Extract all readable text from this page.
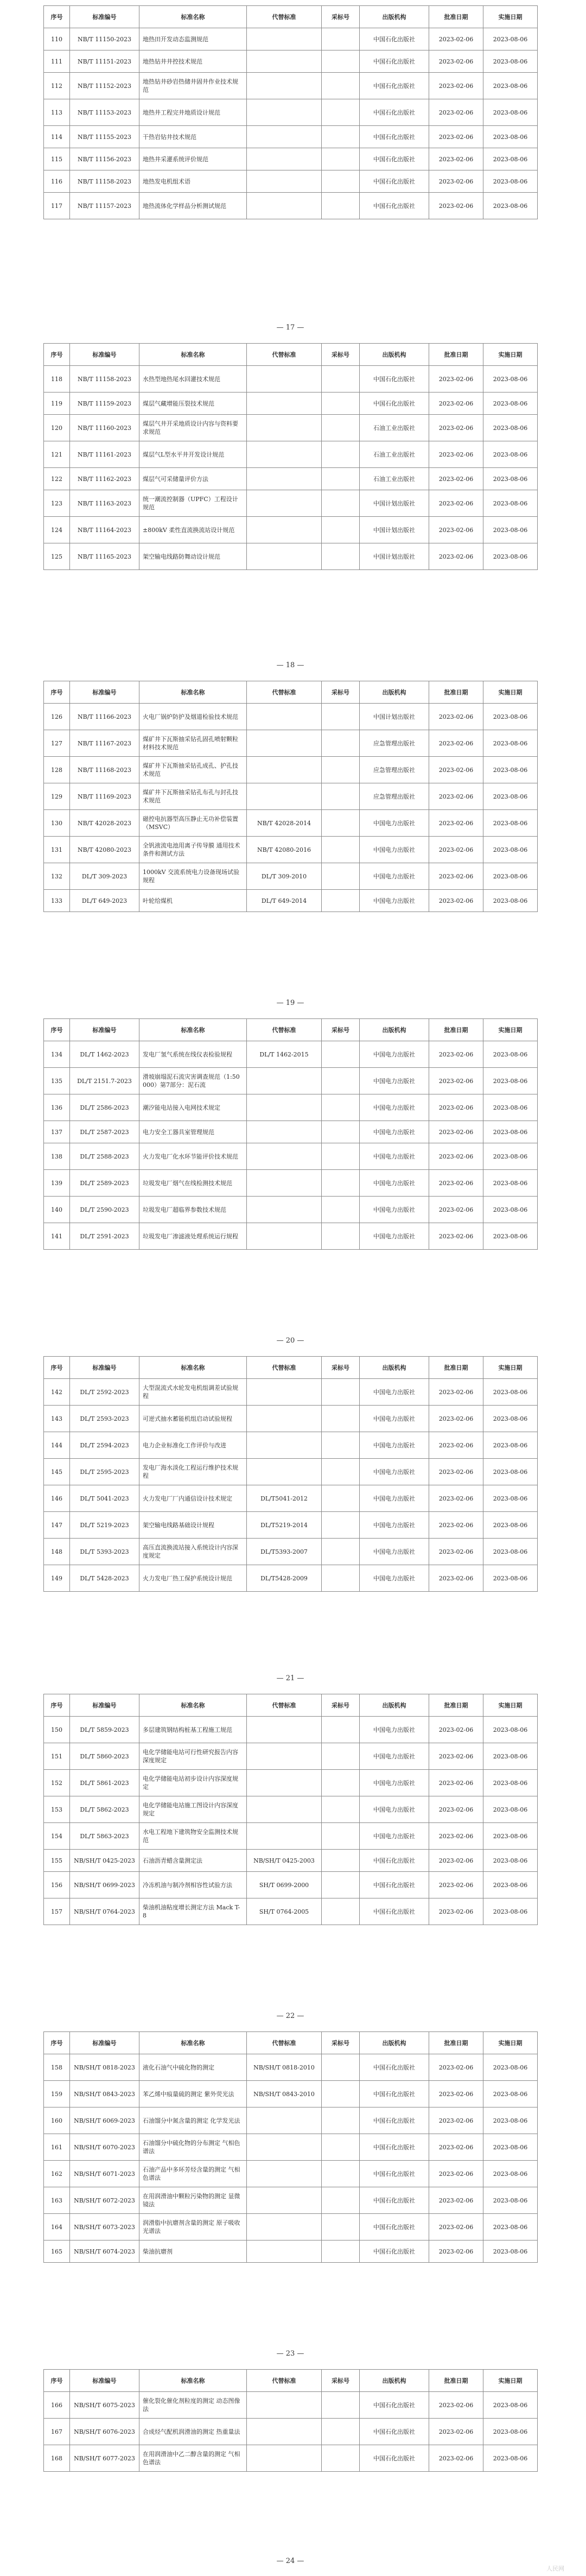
序号	标准编号	标准名称	代替标准	采标号	出版机构	批准日期	实施日期
110	NB/T 11150-2023	地热田开发动态监测规范			中国石化出版社	2023-02-06	2023-08-06
111	NB/T 11151-2023	地热钻井井控技术规范			中国石化出版社	2023-02-06	2023-08-06
112	NB/T 11152-2023	地热钻井砂岩热储井固井作业技术规范			中国石化出版社	2023-02-06	2023-08-06
113	NB/T 11153-2023	地热井工程完井地质设计规范			中国石化出版社	2023-02-06	2023-08-06
114	NB/T 11155-2023	干热岩钻井技术规范			中国石化出版社	2023-02-06	2023-08-06
115	NB/T 11156-2023	地热井采灌系统评价规范			中国石化出版社	2023-02-06	2023-08-06
116	NB/T 11158-2023	地热发电机组术语			中国石化出版社	2023-02-06	2023-08-06
117	NB/T 11157-2023	地热流体化学样品分析测试规范			中国石化出版社	2023-02-06	2023-08-06
— 17 —
序号	标准编号	标准名称	代替标准	采标号	出版机构	批准日期	实施日期
118	NB/T 11158-2023	水热型地热尾水回灌技术规范			中国石化出版社	2023-02-06	2023-08-06
119	NB/T 11159-2023	煤层气藏增能压裂技术规范			中国石化出版社	2023-02-06	2023-08-06
120	NB/T 11160-2023	煤层气井开采地质设计内容与资料要求规范			石油工业出版社	2023-02-06	2023-08-06
121	NB/T 11161-2023	煤层气L型水平井开发设计规范			石油工业出版社	2023-02-06	2023-08-06
122	NB/T 11162-2023	煤层气可采储量评价方法			石油工业出版社	2023-02-06	2023-08-06
123	NB/T 11163-2023	统一潮流控制器（UPFC）工程设计规范			中国计划出版社	2023-02-06	2023-08-06
124	NB/T 11164-2023	±800kV 柔性直流换流站设计规范			中国计划出版社	2023-02-06	2023-08-06
125	NB/T 11165-2023	架空输电线路防舞动设计规范			中国计划出版社	2023-02-06	2023-08-06
— 18 —
序号	标准编号	标准名称	代替标准	采标号	出版机构	批准日期	实施日期
126	NB/T 11166-2023	火电厂锅炉防护及烟道检验技术规范			中国计划出版社	2023-02-06	2023-08-06
127	NB/T 11167-2023	煤矿井下瓦斯抽采钻孔固孔喷射颗粒材料技术规范			应急管理出版社	2023-02-06	2023-08-06
128	NB/T 11168-2023	煤矿井下瓦斯抽采钻孔成孔、护孔技术规范			应急管理出版社	2023-02-06	2023-08-06
129	NB/T 11169-2023	煤矿井下瓦斯抽采钻孔布孔与封孔技术规范			应急管理出版社	2023-02-06	2023-08-06
130	NB/T 42028-2023	磁控电抗器型高压静止无功补偿装置（MSVC）	NB/T 42028-2014		中国电力出版社	2023-02-06	2023-08-06
131	NB/T 42080-2023	全钒液流电池用离子传导膜 通用技术条件和测试方法	NB/T 42080-2016		中国电力出版社	2023-02-06	2023-08-06
132	DL/T 309-2023	1000kV 交流系统电力设备现场试验规程	DL/T 309-2010		中国电力出版社	2023-02-06	2023-08-06
133	DL/T 649-2023	叶轮给煤机	DL/T 649-2014		中国电力出版社	2023-02-06	2023-08-06
— 19 —
序号	标准编号	标准名称	代替标准	采标号	出版机构	批准日期	实施日期
134	DL/T 1462-2023	发电厂氢气系统在线仪表检验规程	DL/T 1462-2015		中国电力出版社	2023-02-06	2023-08-06
135	DL/T 2151.7-2023	滑坡崩塌泥石流灾害调查规范（1:50 000）第7部分：泥石流			中国电力出版社	2023-02-06	2023-08-06
136	DL/T 2586-2023	潮汐能电站接入电网技术规定			中国电力出版社	2023-02-06	2023-08-06
137	DL/T 2587-2023	电力安全工器具室管理规范			中国电力出版社	2023-02-06	2023-08-06
138	DL/T 2588-2023	火力发电厂化水环节能评价技术规范			中国电力出版社	2023-02-06	2023-08-06
139	DL/T 2589-2023	垃圾发电厂烟气在线检测技术规范			中国电力出版社	2023-02-06	2023-08-06
140	DL/T 2590-2023	垃圾发电厂超临界参数技术规范			中国电力出版社	2023-02-06	2023-08-06
141	DL/T 2591-2023	垃圾发电厂渗滤液处理系统运行规程			中国电力出版社	2023-02-06	2023-08-06
— 20 —
序号	标准编号	标准名称	代替标准	采标号	出版机构	批准日期	实施日期
142	DL/T 2592-2023	大型混流式水轮发电机组调差试验规程			中国电力出版社	2023-02-06	2023-08-06
143	DL/T 2593-2023	可逆式抽水蓄能机组启动试验规程			中国电力出版社	2023-02-06	2023-08-06
144	DL/T 2594-2023	电力企业标准化工作评价与改进			中国电力出版社	2023-02-06	2023-08-06
145	DL/T 2595-2023	发电厂海水淡化工程运行维护技术规程			中国电力出版社	2023-02-06	2023-08-06
146	DL/T 5041-2023	火力发电厂厂内通信设计技术规定	DL/T5041-2012		中国电力出版社	2023-02-06	2023-08-06
147	DL/T 5219-2023	架空输电线路基础设计规程	DL/T5219-2014		中国电力出版社	2023-02-06	2023-08-06
148	DL/T 5393-2023	高压直流换流站接入系统设计内容深度规定	DL/T5393-2007		中国电力出版社	2023-02-06	2023-08-06
149	DL/T 5428-2023	火力发电厂热工保护系统设计规范	DL/T5428-2009		中国电力出版社	2023-02-06	2023-08-06
— 21 —
序号	标准编号	标准名称	代替标准	采标号	出版机构	批准日期	实施日期
150	DL/T 5859-2023	多层建筑钢结构桩基工程施工规范			中国电力出版社	2023-02-06	2023-08-06
151	DL/T 5860-2023	电化学储能电站可行性研究报告内容深度规定			中国电力出版社	2023-02-06	2023-08-06
152	DL/T 5861-2023	电化学储能电站初步设计内容深度规定			中国电力出版社	2023-02-06	2023-08-06
153	DL/T 5862-2023	电化学储能电站施工图设计内容深度规定			中国电力出版社	2023-02-06	2023-08-06
154	DL/T 5863-2023	水电工程地下建筑物安全监测技术规范			中国电力出版社	2023-02-06	2023-08-06
155	NB/SH/T 0425-2023	石油沥青蜡含量测定法	NB/SH/T 0425-2003		中国石化出版社	2023-02-06	2023-08-06
156	NB/SH/T 0699-2023	冷冻机油与制冷剂相容性试验方法	SH/T 0699-2000		中国石化出版社	2023-02-06	2023-08-06
157	NB/SH/T 0764-2023	柴油机油粘度增长测定方法 Mack T-8	SH/T 0764-2005		中国石化出版社	2023-02-06	2023-08-06
— 22 —
序号	标准编号	标准名称	代替标准	采标号	出版机构	批准日期	实施日期
158	NB/SH/T 0818-2023	液化石油气中硫化物的测定	NB/SH/T 0818-2010		中国石化出版社	2023-02-06	2023-08-06
159	NB/SH/T 0843-2023	苯乙烯中痕量硫的测定 紫外荧光法	NB/SH/T 0843-2010		中国石化出版社	2023-02-06	2023-08-06
160	NB/SH/T 6069-2023	石油馏分中氮含量的测定 化学发光法			中国石化出版社	2023-02-06	2023-08-06
161	NB/SH/T 6070-2023	石油馏分中硫化物的分布测定 气相色谱法			中国石化出版社	2023-02-06	2023-08-06
162	NB/SH/T 6071-2023	石油产品中多环芳烃含量的测定 气相色谱法			中国石化出版社	2023-02-06	2023-08-06
163	NB/SH/T 6072-2023	在用润滑油中颗粒污染物的测定 显微镜法			中国石化出版社	2023-02-06	2023-08-06
164	NB/SH/T 6073-2023	润滑脂中抗磨剂含量的测定 原子吸收光谱法			中国石化出版社	2023-02-06	2023-08-06
165	NB/SH/T 6074-2023	柴油抗磨剂			中国石化出版社	2023-02-06	2023-08-06
— 23 —
序号	标准编号	标准名称	代替标准	采标号	出版机构	批准日期	实施日期
166	NB/SH/T 6075-2023	催化裂化催化剂粒度的测定 动态图像法			中国石化出版社	2023-02-06	2023-08-06
167	NB/SH/T 6076-2023	合成烃气配机润滑油的测定 热重量法			中国石化出版社	2023-02-06	2023-08-06
168	NB/SH/T 6077-2023	在用润滑油中乙二醇含量的测定 气相色谱法			中国石化出版社	2023-02-06	2023-08-06
— 24 —
人民网
